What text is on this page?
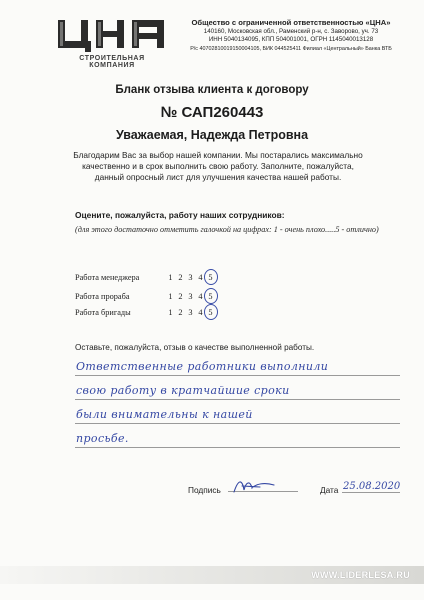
СТРОИТЕЛЬНАЯ КОМПАНИЯ
Общество с ограниченной ответственностью «ЦНА»
140160, Московская обл., Раменский р-н, с. Заворово, уч. 73
ИНН 5040134095, КПП 504001001, ОГРН 1145040013128
Р/с 40702810019150004105, БИК 044525411 Филиал «Центральный» Банка ВТБ
Бланк отзыва клиента к договору
№ САП260443
Уважаемая, Надежда Петровна
Благодарим Вас за выбор нашей компании. Мы постарались максимально качественно и в срок выполнить свою работу. Заполните, пожалуйста, данный опросный лист для улучшения качества нашей работы.
Оцените, пожалуйста, работу наших сотрудников:
(для этого достаточно отметить галочкой на цифрах: 1 - очень плохо.....5 - отлично)
Работа менеджера	1 2 3 4 5
Работа прораба	1 2 3 4 5
Работа бригады	1 2 3 4 5
Оставьте, пожалуйста, отзыв о качестве выполненной работы.
Ответственные работники выполнили
свою работу в кратчайшие сроки
были внимательны к нашей
просьбе.
Подпись	Дата 25.08.2020
WWW.LIDERLESA.RU
